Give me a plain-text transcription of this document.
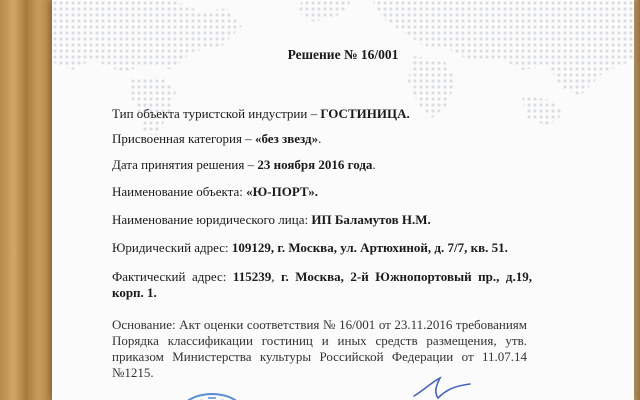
Решение № 16/001
Тип объекта туристской индустрии – ГОСТИНИЦА.
Присвоенная категория – «без звезд».
Дата принятия решения – 23 ноября 2016 года.
Наименование объекта: «Ю-ПОРТ».
Наименование юридического лица: ИП Баламутов Н.М.
Юридический адрес: 109129, г. Москва, ул. Артюхиной, д. 7/7, кв. 51.
Фактический адрес: 115239, г. Москва, 2-й Южнопортовый пр., д.19, корп. 1.
Основание: Акт оценки соответствия № 16/001 от 23.11.2016 требованиям Порядка классификации гостиниц и иных средств размещения, утв. приказом Министерства культуры Российской Федерации от 11.07.14 №1215.
